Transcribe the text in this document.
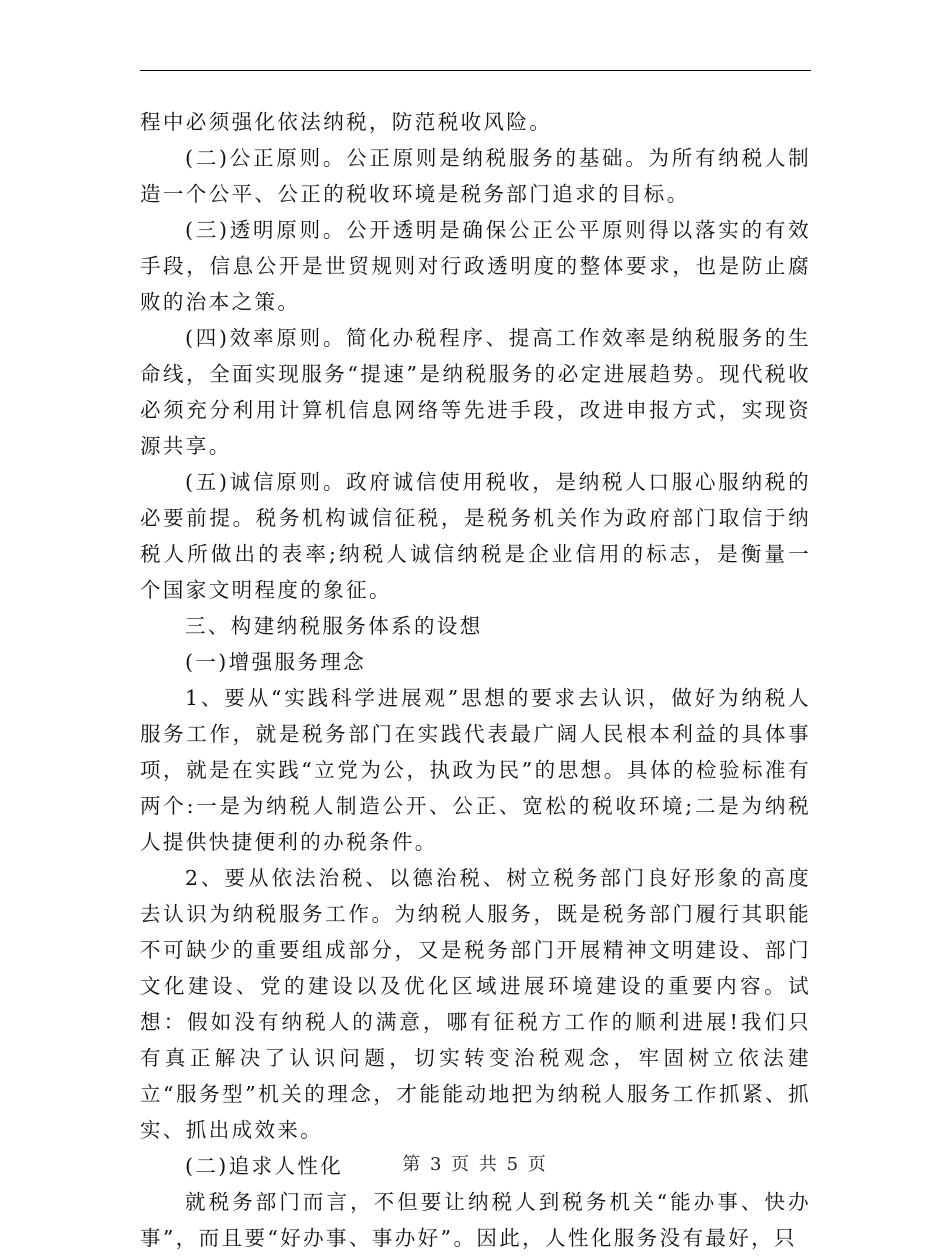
程中必须强化依法纳税，防范税收风险。

(二)公正原则。公正原则是纳税服务的基础。为所有纳税人制造一个公平、公正的税收环境是税务部门追求的目标。

(三)透明原则。公开透明是确保公正公平原则得以落实的有效手段，信息公开是世贸规则对行政透明度的整体要求，也是防止腐败的治本之策。

(四)效率原则。简化办税程序、提高工作效率是纳税服务的生命线，全面实现服务“提速”是纳税服务的必定进展趋势。现代税收必须充分利用计算机信息网络等先进手段，改进申报方式，实现资源共享。

(五)诚信原则。政府诚信使用税收，是纳税人口服心服纳税的必要前提。税务机构诚信征税，是税务机关作为政府部门取信于纳税人所做出的表率;纳税人诚信纳税是企业信用的标志，是衡量一个国家文明程度的象征。

三、构建纳税服务体系的设想

(一)增强服务理念

1、要从“实践科学进展观”思想的要求去认识，做好为纳税人服务工作，就是税务部门在实践代表最广阔人民根本利益的具体事项，就是在实践“立党为公，执政为民”的思想。具体的检验标准有两个:一是为纳税人制造公开、公正、宽松的税收环境;二是为纳税人提供快捷便利的办税条件。

2、要从依法治税、以德治税、树立税务部门良好形象的高度去认识为纳税服务工作。为纳税人服务，既是税务部门履行其职能不可缺少的重要组成部分，又是税务部门开展精神文明建设、部门文化建设、党的建设以及优化区域进展环境建设的重要内容。试想：假如没有纳税人的满意，哪有征税方工作的顺利进展!我们只有真正解决了认识问题，切实转变治税观念，牢固树立依法建立“服务型”机关的理念，才能能动地把为纳税人服务工作抓紧、抓实、抓出成效来。

(二)追求人性化

就税务部门而言，不但要让纳税人到税务机关“能办事、快办事”，而且要“好办事、事办好”。因此，人性化服务没有最好，只

第 3 页 共 5 页
